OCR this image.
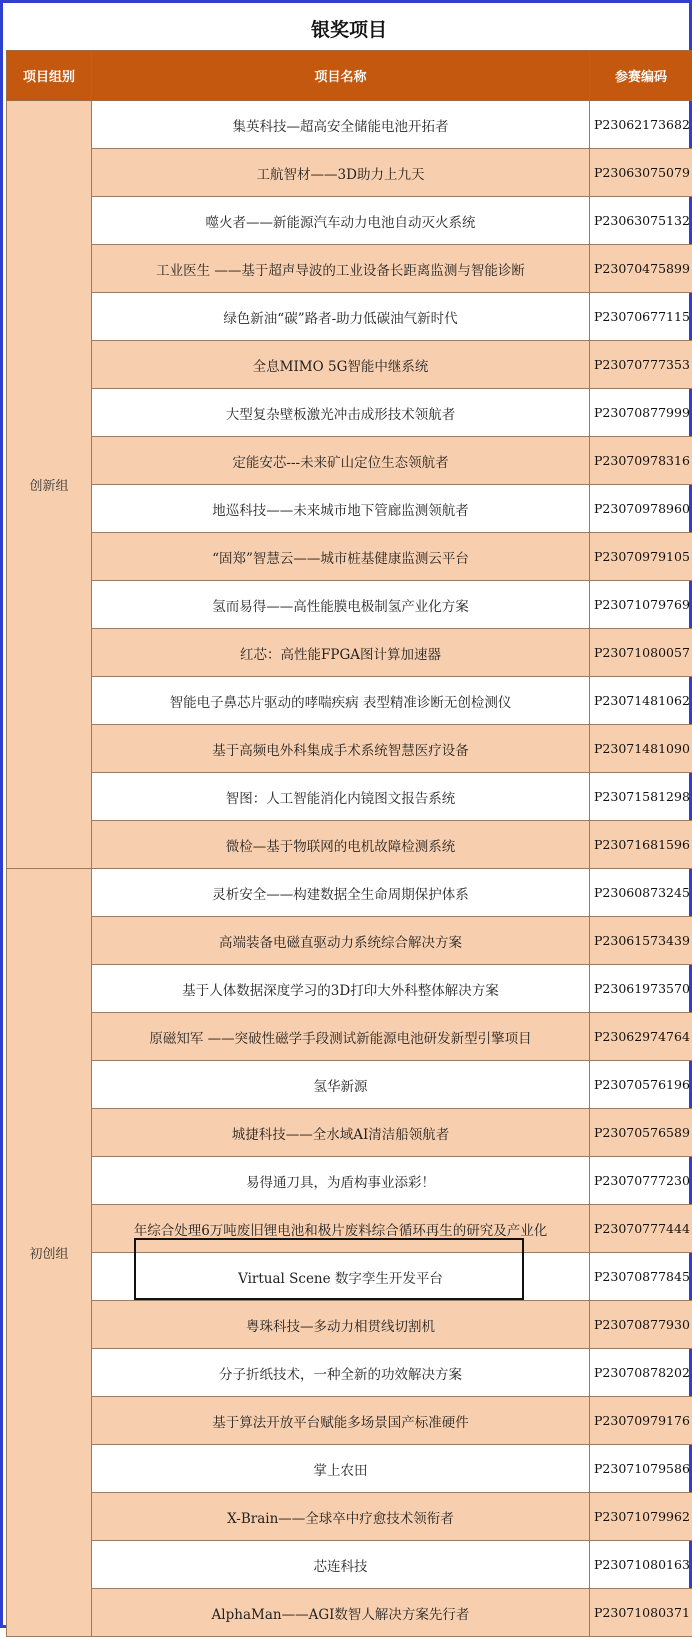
银奖项目
项目组别	项目名称	参赛编码
创新组	集英科技—超高安全储能电池开拓者	P23062173682
	工航智材——3D助力上九天	P23063075079
	噬火者——新能源汽车动力电池自动灭火系统	P23063075132
	工业医生 ——基于超声导波的工业设备长距离监测与智能诊断	P23070475899
	绿色新油“碳”路者-助力低碳油气新时代	P23070677115
	全息MIMO 5G智能中继系统	P23070777353
	大型复杂壁板激光冲击成形技术领航者	P23070877999
	定能安芯---未来矿山定位生态领航者	P23070978316
	地巡科技——未来城市地下管廊监测领航者	P23070978960
	“固郑”智慧云——城市桩基健康监测云平台	P23070979105
	氢而易得——高性能膜电极制氢产业化方案	P23071079769
	红芯：高性能FPGA图计算加速器	P23071080057
	智能电子鼻芯片驱动的哮喘疾病 表型精准诊断无创检测仪	P23071481062
	基于高频电外科集成手术系统智慧医疗设备	P23071481090
	智图：人工智能消化内镜图文报告系统	P23071581298
	微检—基于物联网的电机故障检测系统	P23071681596
初创组	灵析安全——构建数据全生命周期保护体系	P23060873245
	高端装备电磁直驱动力系统综合解决方案	P23061573439
	基于人体数据深度学习的3D打印大外科整体解决方案	P23061973570
	原磁知军 ——突破性磁学手段测试新能源电池研发新型引擎项目	P23062974764
	氢华新源	P23070576196
	城捷科技——全水域AI清洁船领航者	P23070576589
	易得通刀具，为盾构事业添彩！	P23070777230
	年综合处理6万吨废旧锂电池和极片废料综合循环再生的研究及产业化	P23070777444
	Virtual Scene 数字孪生开发平台	P23070877845
	粤珠科技—多动力相贯线切割机	P23070877930
	分子折纸技术，一种全新的功效解决方案	P23070878202
	基于算法开放平台赋能多场景国产标准硬件	P23070979176
	掌上农田	P23071079586
	X-Brain——全球卒中疗愈技术领衔者	P23071079962
	芯连科技	P23071080163
	AlphaMan——AGI数智人解决方案先行者	P23071080371
